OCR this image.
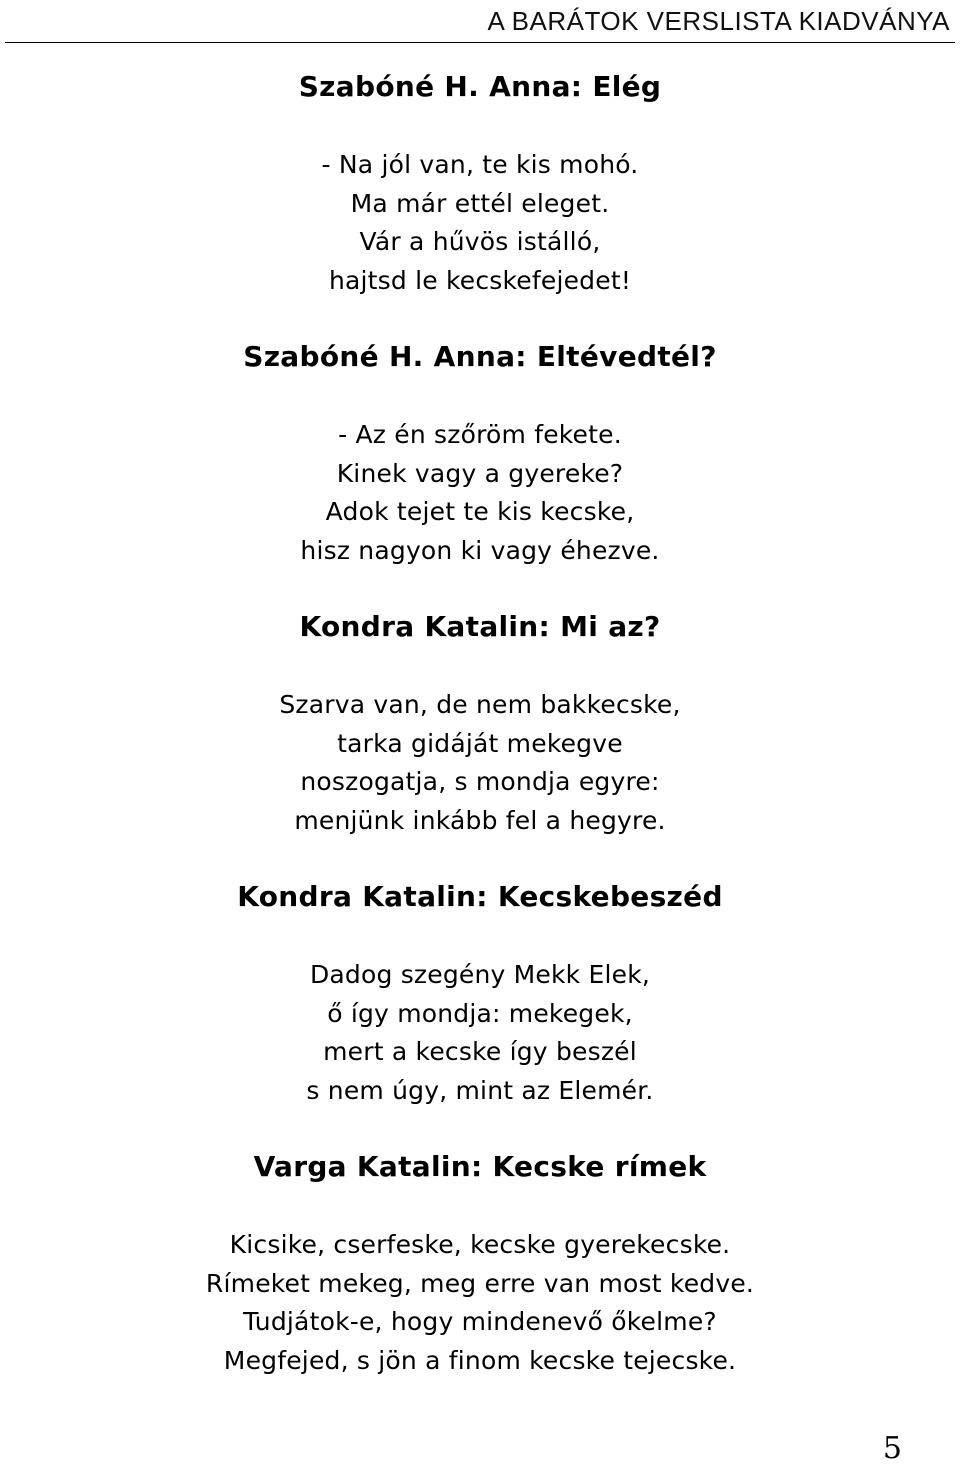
A BARÁTOK VERSLISTA KIADVÁNYA
Szabóné H. Anna: Elég
- Na jól van, te kis mohó.
Ma már ettél eleget.
Vár a hűvös istálló,
hajtsd le kecskefejedet!
Szabóné H. Anna: Eltévedtél?
- Az én szőröm fekete.
Kinek vagy a gyereke?
Adok tejet te kis kecske,
hisz nagyon ki vagy éhezve.
Kondra Katalin: Mi az?
Szarva van, de nem bakkecske,
tarka gidáját mekegve
noszogatja, s mondja egyre:
menjünk inkább fel a hegyre.
Kondra Katalin: Kecskebeszéd
Dadog szegény Mekk Elek,
ő így mondja: mekegek,
mert a kecske így beszél
s nem úgy, mint az Elemér.
Varga Katalin: Kecske rímek
Kicsike, cserfeske, kecske gyerekecske.
Rímeket mekeg, meg erre van most kedve.
Tudjátok-e, hogy mindenevő őkelme?
Megfejed, s jön a finom kecske tejecske.
5
